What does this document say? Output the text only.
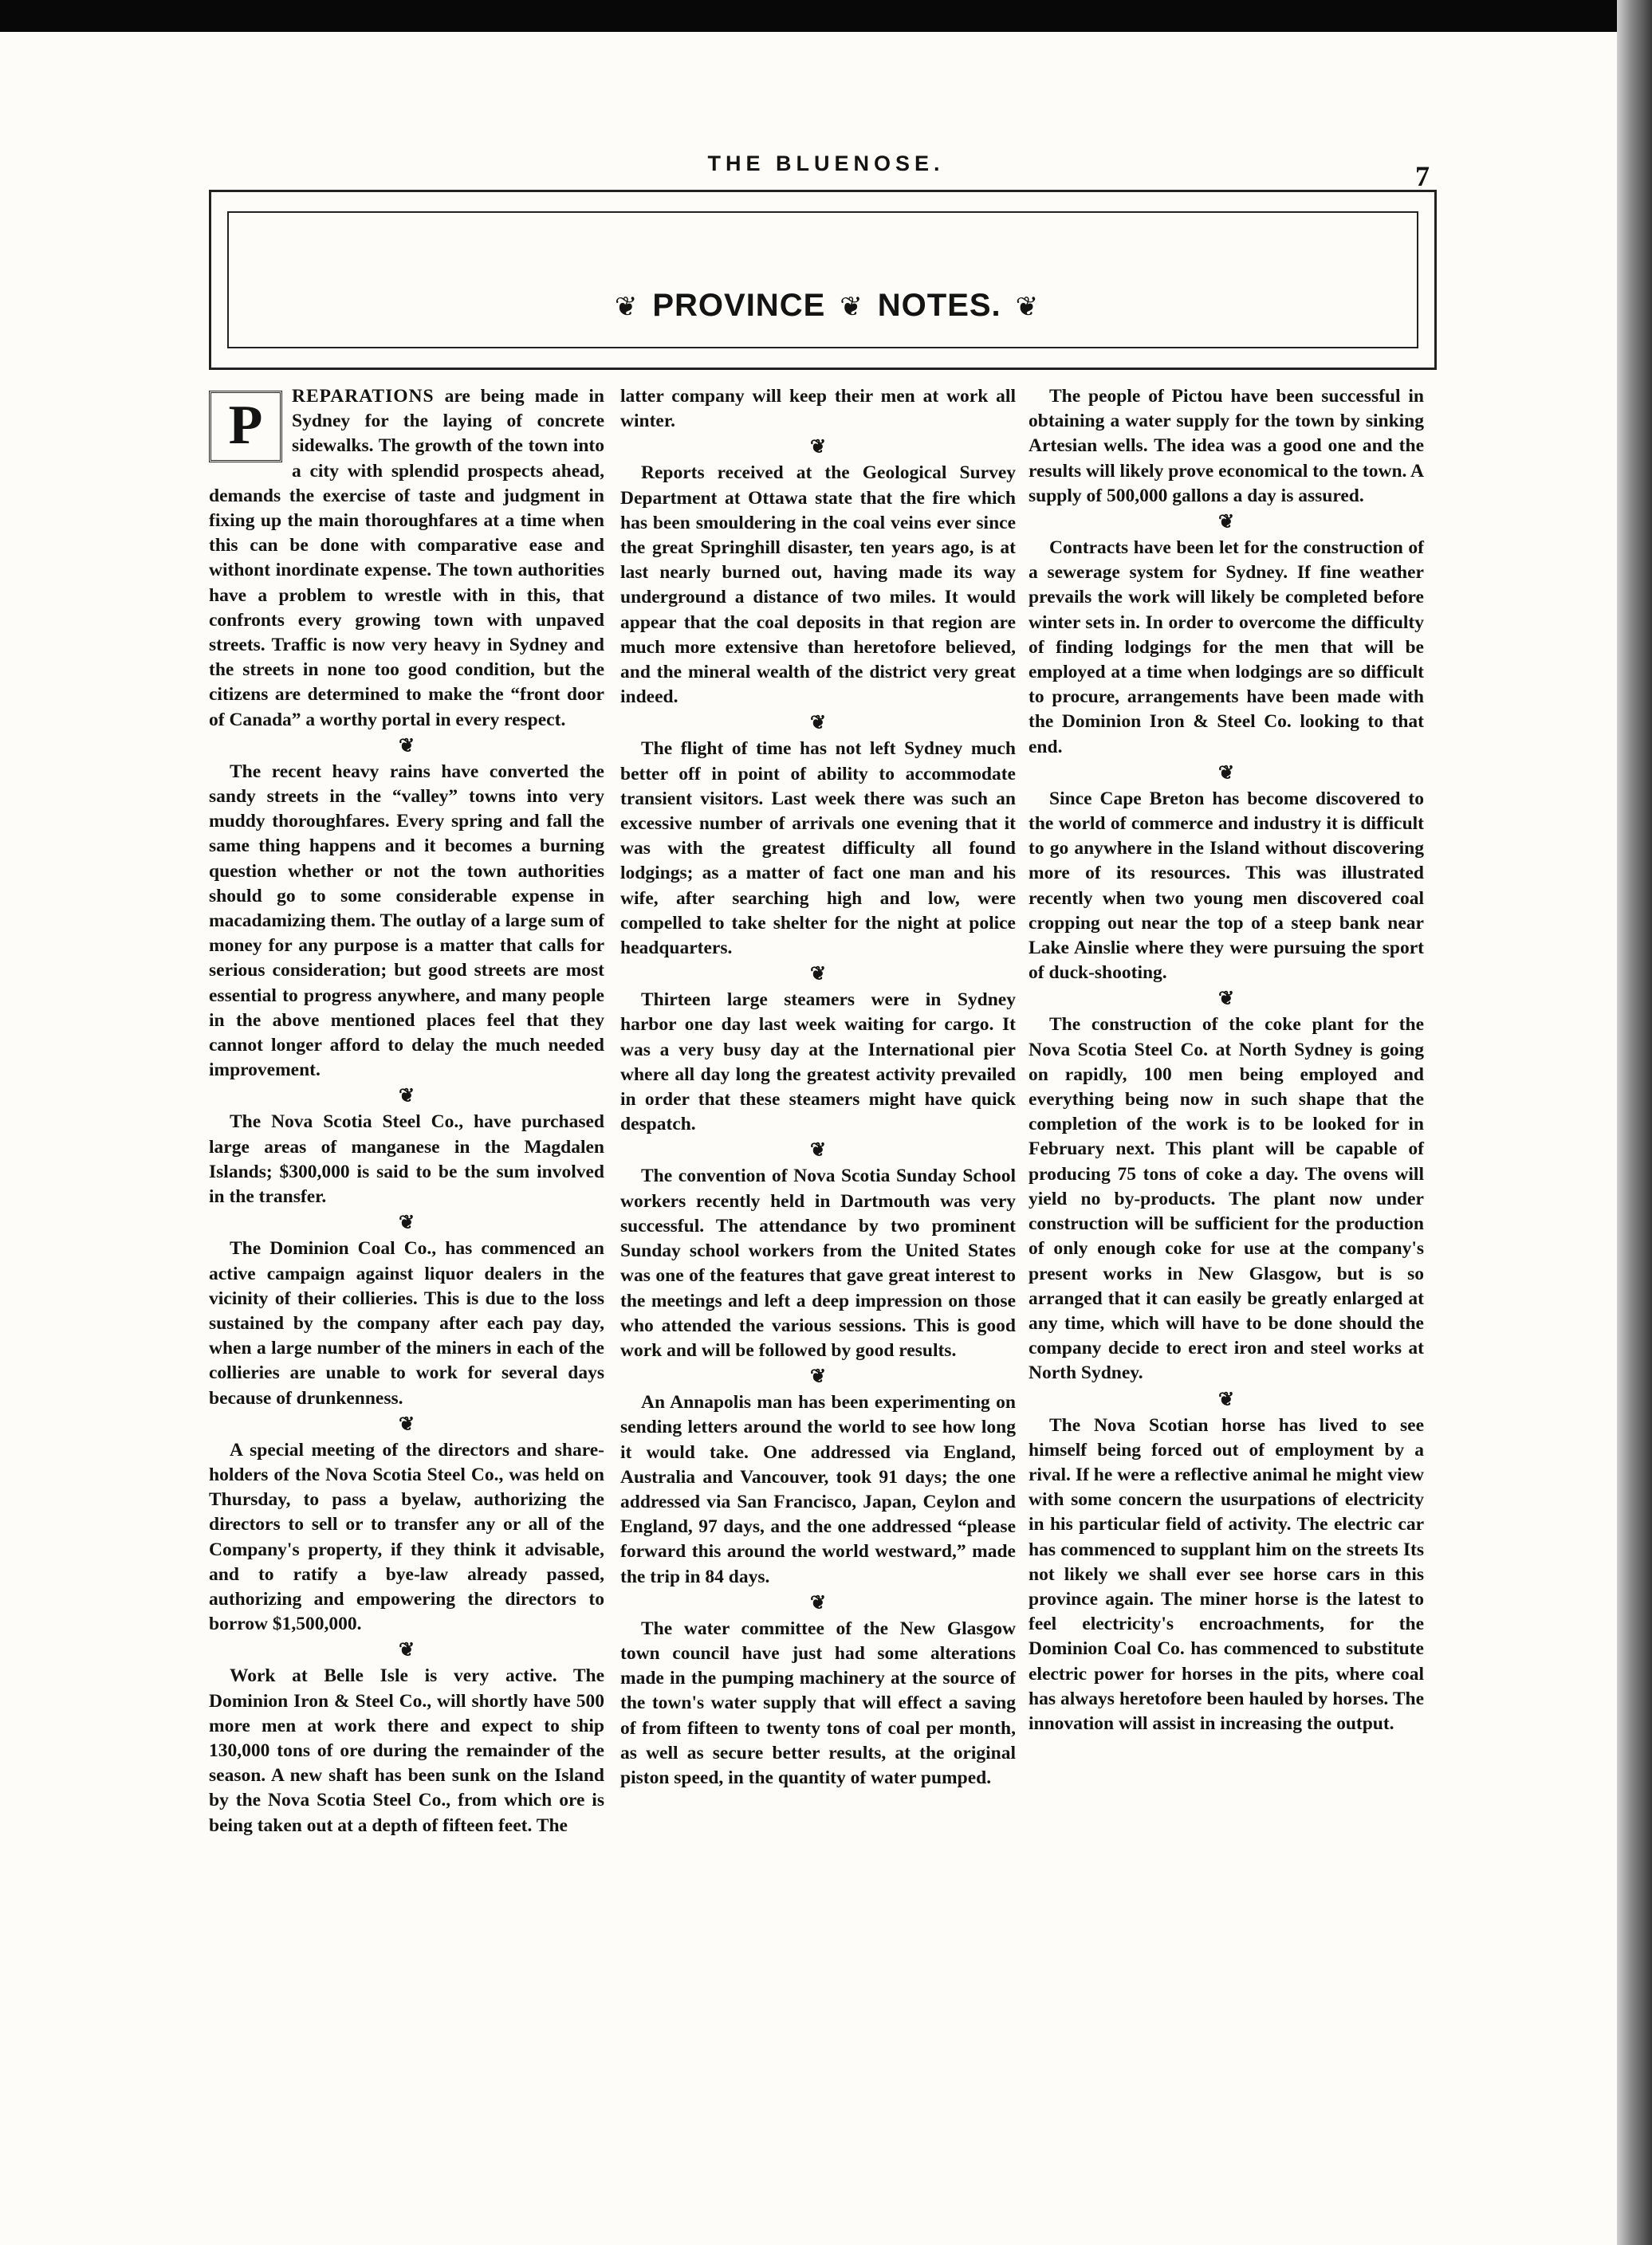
THE BLUENOSE.	7
❦ PROVINCE ❦ NOTES. ❦

P	REPARATIONS are being made in Sydney for the laying of concrete sidewalks. The growth of the town into a city with splendid prospects ahead, demands the exercise of taste and judgment in fixing up the main thoroughfares at a time when this can be done with comparative ease and withont inordinate expense. The town authorities have a problem to wrestle with in this, that confronts every growing town with unpaved streets. Traffic is now very heavy in Sydney and the streets in none too good condition, but the citizens are determined to make the “front door of Canada” a worthy portal in every respect.

❦

The recent heavy rains have converted the sandy streets in the “valley” towns into very muddy thoroughfares. Every spring and fall the same thing happens and it becomes a burning question whether or not the town authorities should go to some considerable expense in macadamizing them. The outlay of a large sum of money for any purpose is a matter that calls for serious consideration; but good streets are most essential to progress anywhere, and many people in the above mentioned places feel that they cannot longer afford to delay the much needed improvement.

❦

The Nova Scotia Steel Co., have purchased large areas of manganese in the Magdalen Islands; $300,000 is said to be the sum involved in the transfer.

❦

The Dominion Coal Co., has commenced an active campaign against liquor dealers in the vicinity of their collieries. This is due to the loss sustained by the company after each pay day, when a large number of the miners in each of the collieries are unable to work for several days because of drunkenness.

❦

A special meeting of the directors and share-holders of the Nova Scotia Steel Co., was held on Thursday, to pass a byelaw, authorizing the directors to sell or to transfer any or all of the Company's property, if they think it advisable, and to ratify a bye-law already passed, authorizing and empowering the directors to borrow $1,500,000.

❦

Work at Belle Isle is very active. The Dominion Iron & Steel Co., will shortly have 500 more men at work there and expect to ship 130,000 tons of ore during the remainder of the season. A new shaft has been sunk on the Island by the Nova Scotia Steel Co., from which ore is being taken out at a depth of fifteen feet. The

latter company will keep their men at work all winter.

❦

Reports received at the Geological Survey Department at Ottawa state that the fire which has been smouldering in the coal veins ever since the great Springhill disaster, ten years ago, is at last nearly burned out, having made its way underground a distance of two miles. It would appear that the coal deposits in that region are much more extensive than heretofore believed, and the mineral wealth of the district very great indeed.

❦

The flight of time has not left Sydney much better off in point of ability to accommodate transient visitors. Last week there was such an excessive number of arrivals one evening that it was with the greatest difficulty all found lodgings; as a matter of fact one man and his wife, after searching high and low, were compelled to take shelter for the night at police headquarters.

❦

Thirteen large steamers were in Sydney harbor one day last week waiting for cargo. It was a very busy day at the International pier where all day long the greatest activity prevailed in order that these steamers might have quick despatch.

❦

The convention of Nova Scotia Sunday School workers recently held in Dartmouth was very successful. The attendance by two prominent Sunday school workers from the United States was one of the features that gave great interest to the meetings and left a deep impression on those who attended the various sessions. This is good work and will be followed by good results.

❦

An Annapolis man has been experimenting on sending letters around the world to see how long it would take. One addressed via England, Australia and Vancouver, took 91 days; the one addressed via San Francisco, Japan, Ceylon and England, 97 days, and the one addressed “please forward this around the world westward,” made the trip in 84 days.

❦

The water committee of the New Glasgow town council have just had some alterations made in the pumping machinery at the source of the town's water supply that will effect a saving of from fifteen to twenty tons of coal per month, as well as secure better results, at the original piston speed, in the quantity of water pumped.

The people of Pictou have been successful in obtaining a water supply for the town by sinking Artesian wells. The idea was a good one and the results will likely prove economical to the town. A supply of 500,000 gallons a day is assured.

❦

Contracts have been let for the construction of a sewerage system for Sydney. If fine weather prevails the work will likely be completed before winter sets in. In order to overcome the difficulty of finding lodgings for the men that will be employed at a time when lodgings are so difficult to procure, arrangements have been made with the Dominion Iron & Steel Co. looking to that end.

❦

Since Cape Breton has become discovered to the world of commerce and industry it is difficult to go anywhere in the Island without discovering more of its resources. This was illustrated recently when two young men discovered coal cropping out near the top of a steep bank near Lake Ainslie where they were pursuing the sport of duck-shooting.

❦

The construction of the coke plant for the Nova Scotia Steel Co. at North Sydney is going on rapidly, 100 men being employed and everything being now in such shape that the completion of the work is to be looked for in February next. This plant will be capable of producing 75 tons of coke a day. The ovens will yield no by-products. The plant now under construction will be sufficient for the production of only enough coke for use at the company's present works in New Glasgow, but is so arranged that it can easily be greatly enlarged at any time, which will have to be done should the company decide to erect iron and steel works at North Sydney.

❦

The Nova Scotian horse has lived to see himself being forced out of employment by a rival. If he were a reflective animal he might view with some concern the usurpations of electricity in his particular field of activity. The electric car has commenced to supplant him on the streets Its not likely we shall ever see horse cars in this province again. The miner horse is the latest to feel electricity's encroachments, for the Dominion Coal Co. has commenced to substitute electric power for horses in the pits, where coal has always heretofore been hauled by horses. The innovation will assist in increasing the output.
